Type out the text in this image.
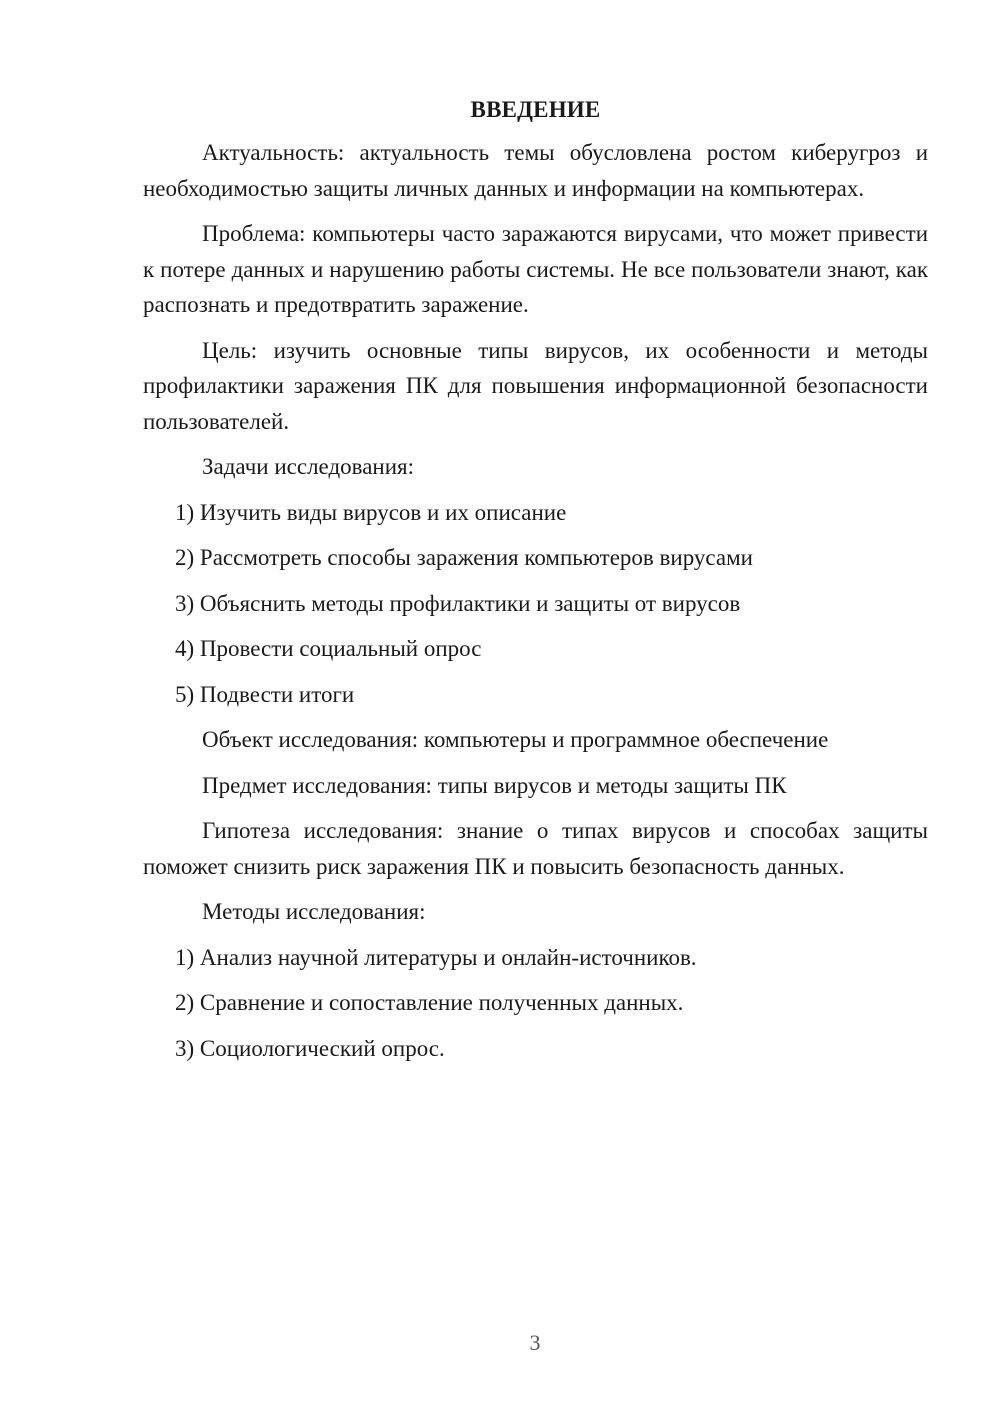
ВВЕДЕНИЕ

Актуальность: актуальность темы обусловлена ростом киберугроз и необходимостью защиты личных данных и информации на компьютерах.

Проблема: компьютеры часто заражаются вирусами, что может привести к потере данных и нарушению работы системы. Не все пользователи знают, как распознать и предотвратить заражение.

Цель: изучить основные типы вирусов, их особенности и методы профилактики заражения ПК для повышения информационной безопасности пользователей.

Задачи исследования:
1) Изучить виды вирусов и их описание
2) Рассмотреть способы заражения компьютеров вирусами
3) Объяснить методы профилактики и защиты от вирусов
4) Провести социальный опрос
5) Подвести итоги
Объект исследования: компьютеры и программное обеспечение
Предмет исследования: типы вирусов и методы защиты ПК

Гипотеза исследования: знание о типах вирусов и способах защиты поможет снизить риск заражения ПК и повысить безопасность данных.

Методы исследования:
1) Анализ научной литературы и онлайн-источников.
2) Сравнение и сопоставление полученных данных.
3) Социологический опрос.
3
